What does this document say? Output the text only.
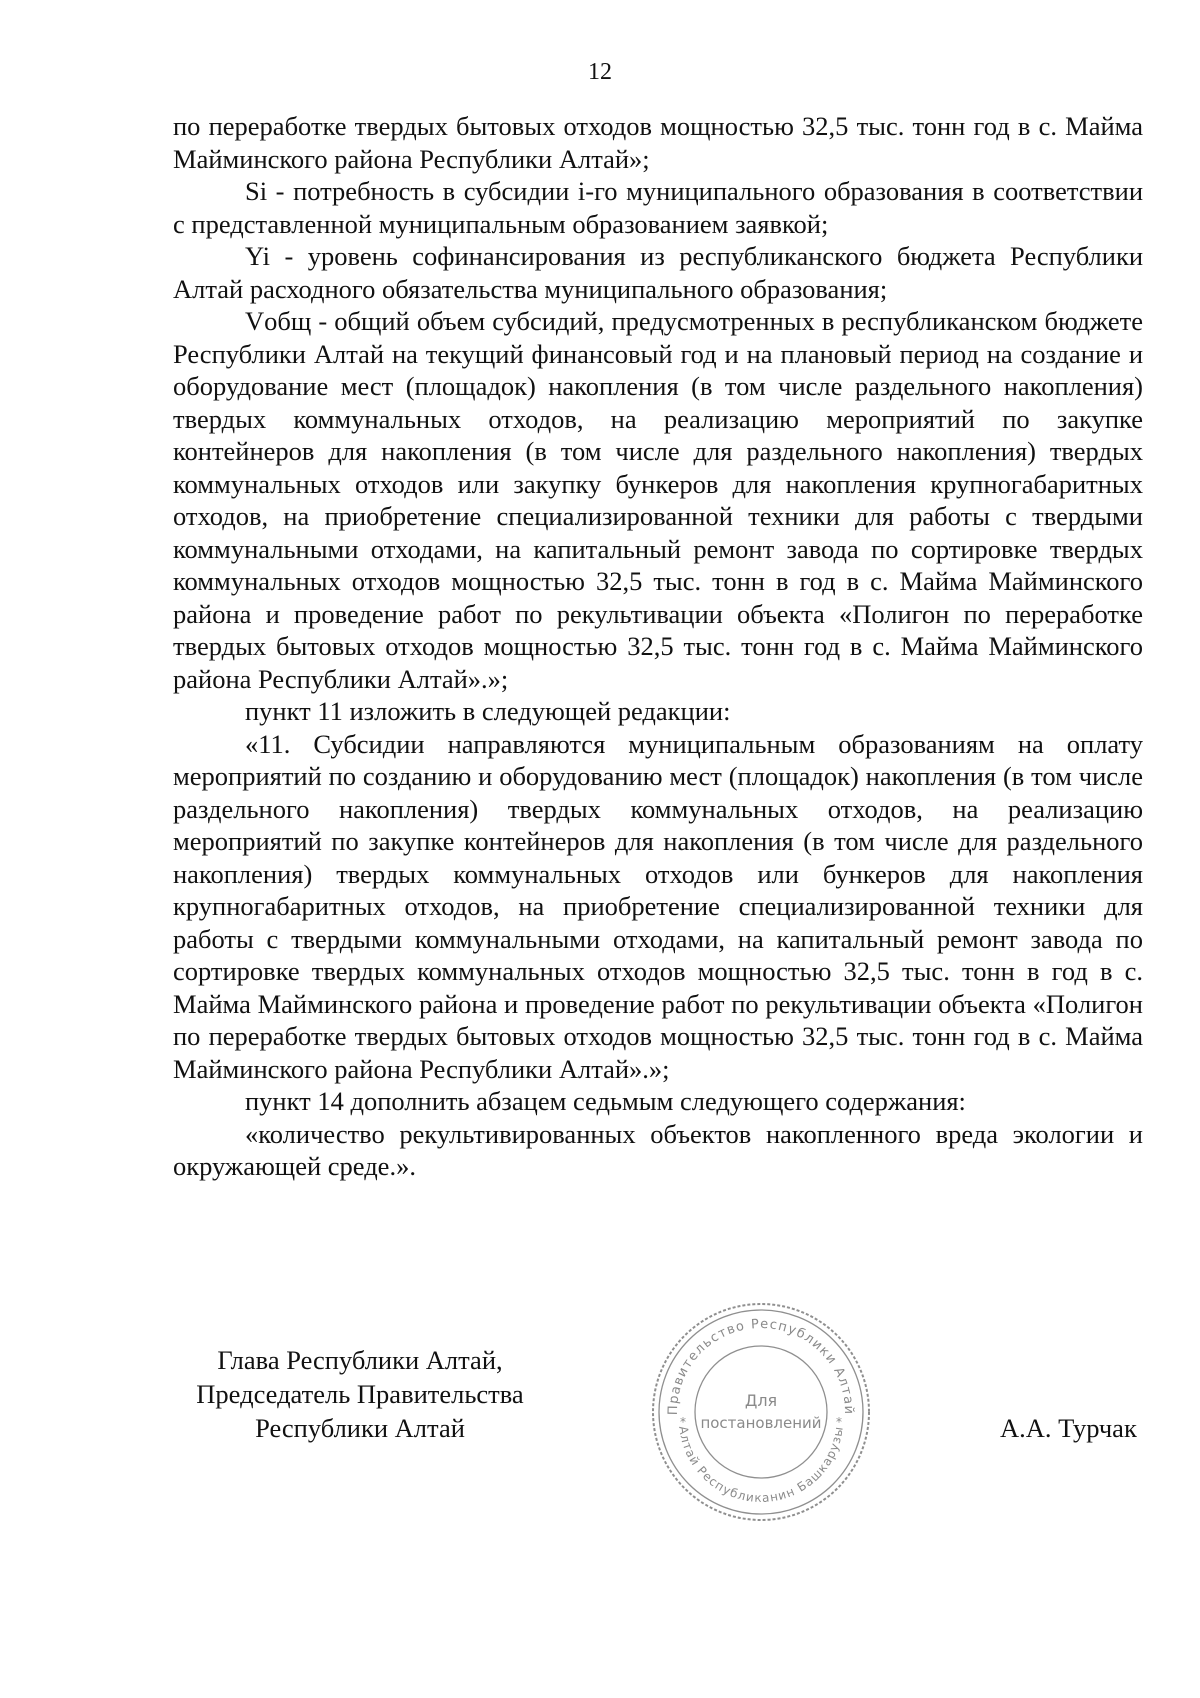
12

по переработке твердых бытовых отходов мощностью 32,5 тыс. тонн год в с. Майма Майминского района Республики Алтай»;

Si - потребность в субсидии i-го муниципального образования в соответствии с представленной муниципальным образованием заявкой;

Yi - уровень софинансирования из республиканского бюджета Республики Алтай расходного обязательства муниципального образования;

Vобщ - общий объем субсидий, предусмотренных в республиканском бюджете Республики Алтай на текущий финансовый год и на плановый период на создание и оборудование мест (площадок) накопления (в том числе раздельного накопления) твердых коммунальных отходов, на реализацию мероприятий по закупке контейнеров для накопления (в том числе для раздельного накопления) твердых коммунальных отходов или закупку бункеров для накопления крупногабаритных отходов, на приобретение специализированной техники для работы с твердыми коммунальными отходами, на капитальный ремонт завода по сортировке твердых коммунальных отходов мощностью 32,5 тыс. тонн в год в с. Майма Майминского района и проведение работ по рекультивации объекта «Полигон по переработке твердых бытовых отходов мощностью 32,5 тыс. тонн год в с. Майма Майминского района Республики Алтай».»;

пункт 11 изложить в следующей редакции:

«11. Субсидии направляются муниципальным образованиям на оплату мероприятий по созданию и оборудованию мест (площадок) накопления (в том числе раздельного накопления) твердых коммунальных отходов, на реализацию мероприятий по закупке контейнеров для накопления (в том числе для раздельного накопления) твердых коммунальных отходов или бункеров для накопления крупногабаритных отходов, на приобретение специализированной техники для работы с твердыми коммунальными отходами, на капитальный ремонт завода по сортировке твердых коммунальных отходов мощностью 32,5 тыс. тонн в год в с. Майма Майминского района и проведение работ по рекультивации объекта «Полигон по переработке твердых бытовых отходов мощностью 32,5 тыс. тонн год в с. Майма Майминского района Республики Алтай».»;

пункт 14 дополнить абзацем седьмым следующего содержания:

«количество рекультивированных объектов накопленного вреда экологии и окружающей среде.».

Глава Республики Алтай,
Председатель Правительства
Республики Алтай
Правительство Республики Алтай
Алтай Республиканин Башкарузы
Для
постановлений
*	*	А.А. Турчак
